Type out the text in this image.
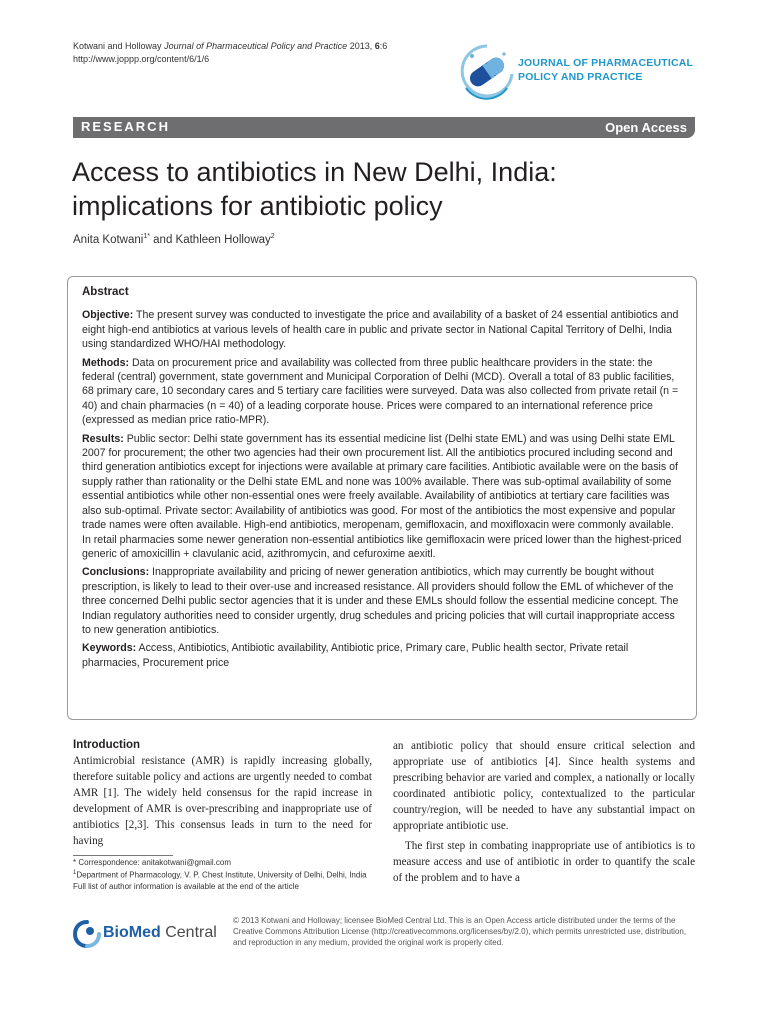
Kotwani and Holloway Journal of Pharmaceutical Policy and Practice 2013, 6:6
http://www.joppp.org/content/6/1/6	JOURNAL OF PHARMACEUTICAL
POLICY AND PRACTICE
RESEARCH	Open Access
Access to antibiotics in New Delhi, India:
implications for antibiotic policy
Anita Kotwani$^{1*}$ and Kathleen Holloway$^2$
Abstract

Objective: The present survey was conducted to investigate the price and availability of a basket of 24 essential antibiotics and eight high-end antibiotics at various levels of health care in public and private sector in National Capital Territory of Delhi, India using standardized WHO/HAI methodology.

Methods: Data on procurement price and availability was collected from three public healthcare providers in the state: the federal (central) government, state government and Municipal Corporation of Delhi (MCD). Overall a total of 83 public facilities, 68 primary care, 10 secondary cares and 5 tertiary care facilities were surveyed. Data was also collected from private retail (n = 40) and chain pharmacies (n = 40) of a leading corporate house. Prices were compared to an international reference price (expressed as median price ratio-MPR).

Results: Public sector: Delhi state government has its essential medicine list (Delhi state EML) and was using Delhi state EML 2007 for procurement; the other two agencies had their own procurement list. All the antibiotics procured including second and third generation antibiotics except for injections were available at primary care facilities. Antibiotic available were on the basis of supply rather than rationality or the Delhi state EML and none was 100% available. There was sub-optimal availability of some essential antibiotics while other non-essential ones were freely available. Availability of antibiotics at tertiary care facilities was also sub-optimal. Private sector: Availability of antibiotics was good. For most of the antibiotics the most expensive and popular trade names were often available. High-end antibiotics, meropenam, gemifloxacin, and moxifloxacin were commonly available. In retail pharmacies some newer generation non-essential antibiotics like gemifloxacin were priced lower than the highest-priced generic of amoxicillin + clavulanic acid, azithromycin, and cefuroxime aexitl.

Conclusions: Inappropriate availability and pricing of newer generation antibiotics, which may currently be bought without prescription, is likely to lead to their over-use and increased resistance. All providers should follow the EML of whichever of the three concerned Delhi public sector agencies that it is under and these EMLs should follow the essential medicine concept. The Indian regulatory authorities need to consider urgently, drug schedules and pricing policies that will curtail inappropriate access to new generation antibiotics.

Keywords: Access, Antibiotics, Antibiotic availability, Antibiotic price, Primary care, Public health sector, Private retail pharmacies, Procurement price

Introduction
Antimicrobial resistance (AMR) is rapidly increasing globally, therefore suitable policy and actions are urgently needed to combat AMR [1]. The widely held consensus for the rapid increase in development of AMR is over-prescribing and inappropriate use of antibiotics [2,3]. This consensus leads in turn to the need for having

an antibiotic policy that should ensure critical selection and appropriate use of antibiotics [4]. Since health systems and prescribing behavior are varied and complex, a nationally or locally coordinated antibiotic policy, contextualized to the particular country/region, will be needed to have any substantial impact on appropriate antibiotic use.

The first step in combating inappropriate use of antibiotics is to measure access and use of antibiotic in order to quantify the scale of the problem and to have a

* Correspondence: anitakotwani@gmail.com
$^1$Department of Pharmacology, V. P. Chest Institute, University of Delhi, Delhi, India
Full list of author information is available at the end of the article
BioMed Central
© 2013 Kotwani and Holloway; licensee BioMed Central Ltd. This is an Open Access article distributed under the terms of the Creative Commons Attribution License (http://creativecommons.org/licenses/by/2.0), which permits unrestricted use, distribution, and reproduction in any medium, provided the original work is properly cited.
